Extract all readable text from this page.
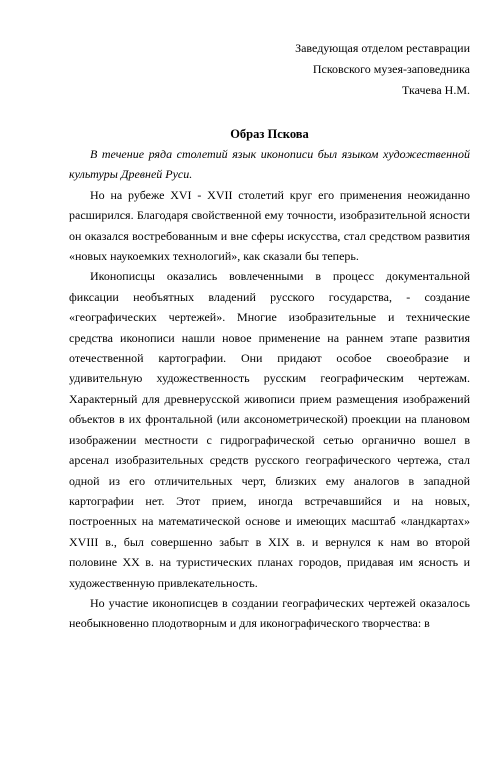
Заведующая отделом реставрации
Псковского музея-заповедника
Ткачева Н.М.
Образ Пскова

В течение ряда столетий язык иконописи был языком художественной культуры Древней Руси.

Но на рубеже XVI - XVII столетий круг его применения неожиданно расширился. Благодаря свойственной ему точности, изобразительной ясности он оказался востребованным и вне сферы искусства, стал средством развития «новых наукоемких технологий», как сказали бы теперь.

Иконописцы оказались вовлеченными в процесс документальной фиксации необъятных владений русского государства, - создание «географических чертежей». Многие изобразительные и технические средства иконописи нашли новое применение на раннем этапе развития отечественной картографии. Они придают особое своеобразие и удивительную художественность русским географическим чертежам. Характерный для древнерусской живописи прием размещения изображений объектов в их фронтальной (или аксонометрической) проекции на плановом изображении местности с гидрографической сетью органично вошел в арсенал изобразительных средств русского географического чертежа, стал одной из его отличительных черт, близких ему аналогов в западной картографии нет. Этот прием, иногда встречавшийся и на новых, построенных на математической основе и имеющих масштаб «ландкартах» XVIII в., был совершенно забыт в XIX в. и вернулся к нам во второй половине XX в. на туристических планах городов, придавая им ясность и художественную привлекательность.

Но участие иконописцев в создании географических чертежей оказалось необыкновенно плодотворным и для иконографического творчества: в
